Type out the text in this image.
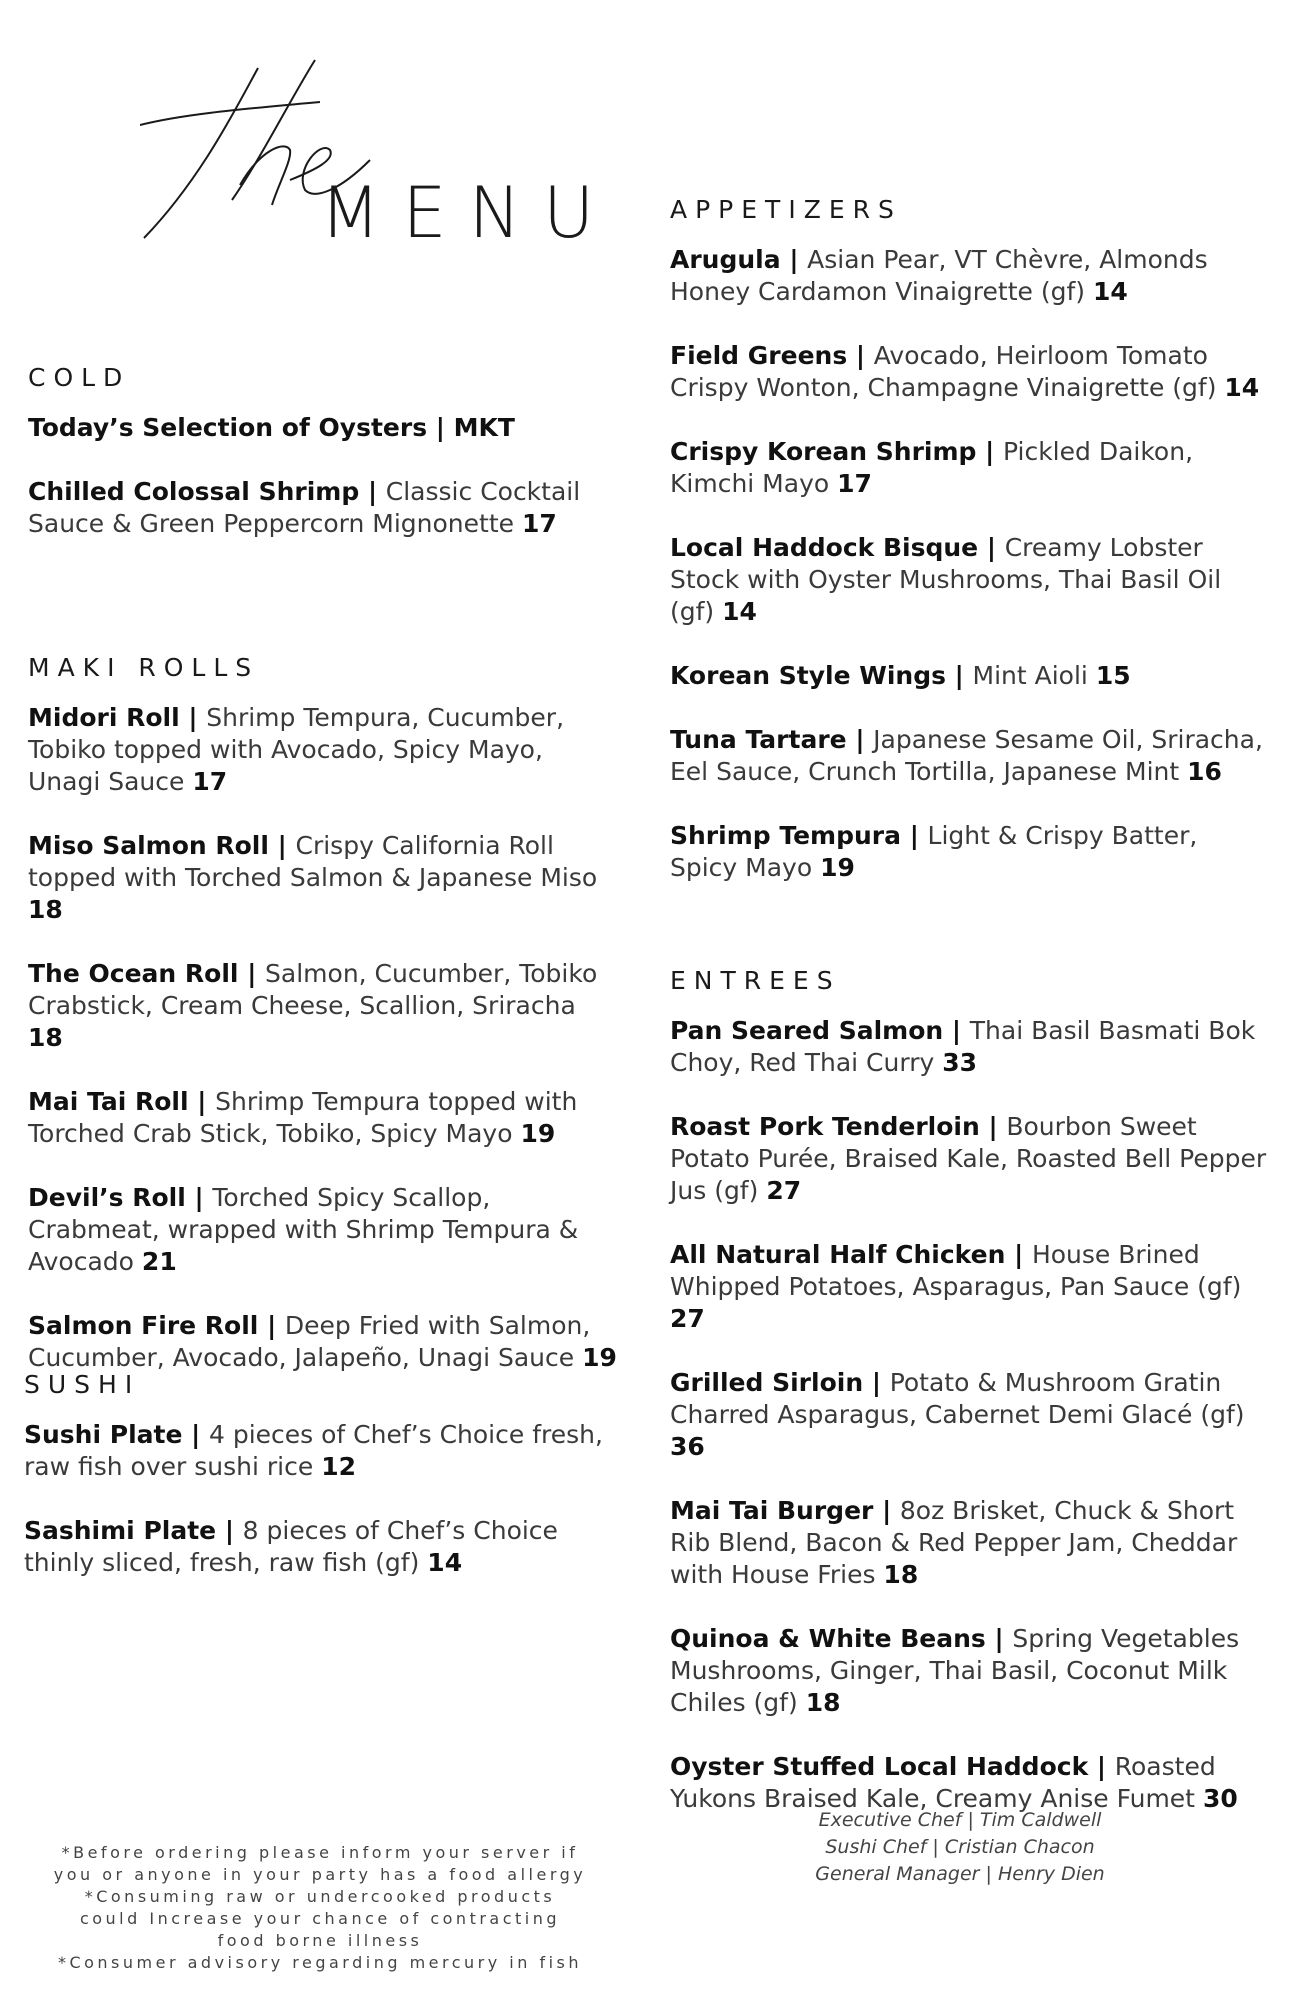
MENU
COLD
Today’s Selection of Oysters | MKT
Chilled Colossal Shrimp | Classic Cocktail Sauce & Green Peppercorn Mignonette 17
MAKI ROLLS
Midori Roll | Shrimp Tempura, Cucumber, Tobiko topped with Avocado, Spicy Mayo, Unagi Sauce 17
Miso Salmon Roll | Crispy California Roll topped with Torched Salmon & Japanese Miso 18
The Ocean Roll | Salmon, Cucumber, Tobiko Crabstick, Cream Cheese, Scallion, Sriracha 18
Mai Tai Roll | Shrimp Tempura topped with Torched Crab Stick, Tobiko, Spicy Mayo 19
Devil’s Roll | Torched Spicy Scallop, Crabmeat, wrapped with Shrimp Tempura & Avocado 21
Salmon Fire Roll | Deep Fried with Salmon, Cucumber, Avocado, Jalapeño, Unagi Sauce 19
SUSHI
Sushi Plate | 4 pieces of Chef’s Choice fresh, raw fish over sushi rice 12
Sashimi Plate | 8 pieces of Chef’s Choice thinly sliced, fresh, raw fish (gf) 14
APPETIZERS
Arugula | Asian Pear, VT Chèvre, Almonds Honey Cardamon Vinaigrette (gf) 14
Field Greens | Avocado, Heirloom Tomato Crispy Wonton, Champagne Vinaigrette (gf) 14
Crispy Korean Shrimp | Pickled Daikon, Kimchi Mayo 17
Local Haddock Bisque | Creamy Lobster Stock with Oyster Mushrooms, Thai Basil Oil (gf) 14
Korean Style Wings | Mint Aioli 15
Tuna Tartare | Japanese Sesame Oil, Sriracha, Eel Sauce, Crunch Tortilla, Japanese Mint 16
Shrimp Tempura | Light & Crispy Batter, Spicy Mayo 19
ENTREES
Pan Seared Salmon | Thai Basil Basmati Bok Choy, Red Thai Curry 33
Roast Pork Tenderloin | Bourbon Sweet Potato Purée, Braised Kale, Roasted Bell Pepper Jus (gf) 27
All Natural Half Chicken | House Brined Whipped Potatoes, Asparagus, Pan Sauce (gf) 27
Grilled Sirloin | Potato & Mushroom Gratin Charred Asparagus, Cabernet Demi Glacé (gf) 36
Mai Tai Burger | 8oz Brisket, Chuck & Short Rib Blend, Bacon & Red Pepper Jam, Cheddar with House Fries 18
Quinoa & White Beans | Spring Vegetables Mushrooms, Ginger, Thai Basil, Coconut Milk Chiles (gf) 18
Oyster Stuffed Local Haddock | Roasted Yukons Braised Kale, Creamy Anise Fumet 30
*Before ordering please inform your server if
you or anyone in your party has a food allergy
*Consuming raw or undercooked products
could Increase your chance of contracting
food borne illness
*Consumer advisory regarding mercury in fish
Executive Chef | Tim Caldwell
Sushi Chef | Cristian Chacon
General Manager | Henry Dien
